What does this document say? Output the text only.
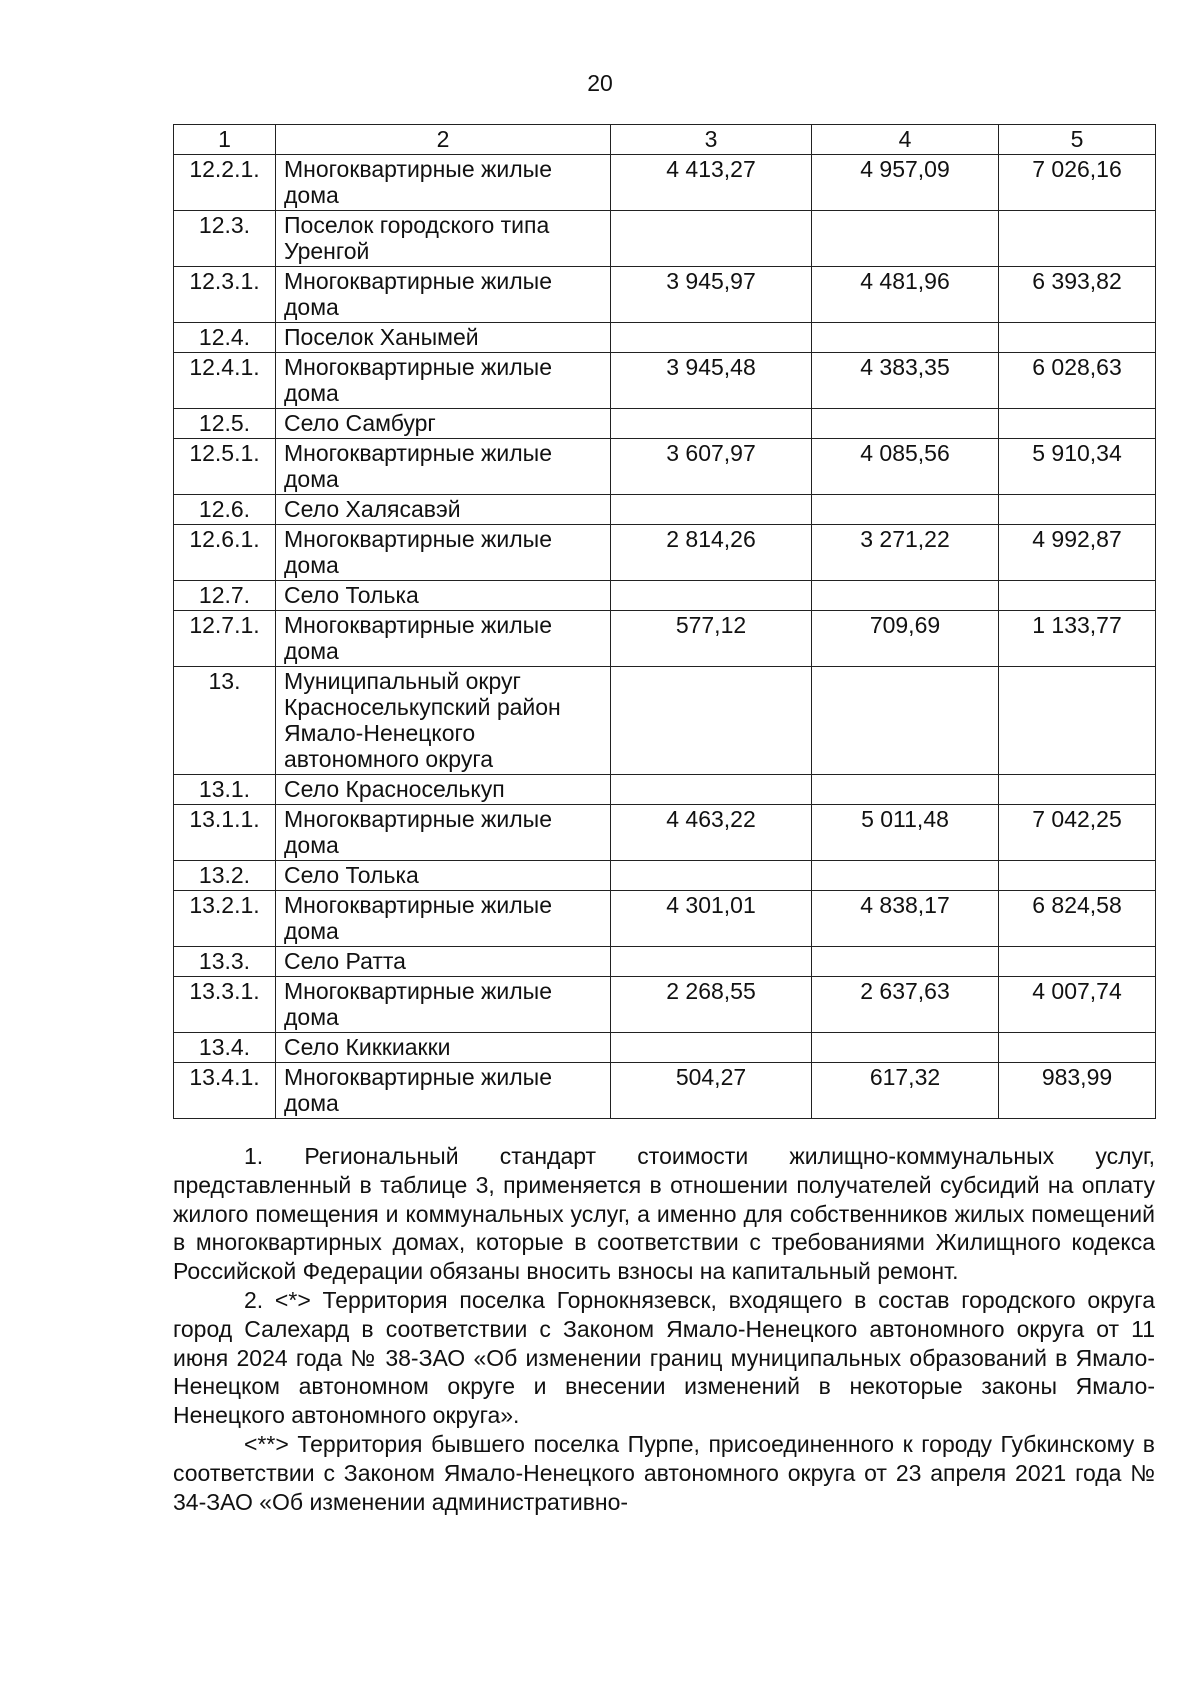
20
1	2	3	4	5
12.2.1.	Многоквартирные жилые дома	4 413,27	4 957,09	7 026,16
12.3.	Поселок городского типа Уренгой			
12.3.1.	Многоквартирные жилые дома	3 945,97	4 481,96	6 393,82
12.4.	Поселок Ханымей			
12.4.1.	Многоквартирные жилые дома	3 945,48	4 383,35	6 028,63
12.5.	Село Самбург			
12.5.1.	Многоквартирные жилые дома	3 607,97	4 085,56	5 910,34
12.6.	Село Халясавэй			
12.6.1.	Многоквартирные жилые дома	2 814,26	3 271,22	4 992,87
12.7.	Село Толька			
12.7.1.	Многоквартирные жилые дома	577,12	709,69	1 133,77
13.	Муниципальный округ Красноселькупский район Ямало-Ненецкого автономного округа			
13.1.	Село Красноселькуп			
13.1.1.	Многоквартирные жилые дома	4 463,22	5 011,48	7 042,25
13.2.	Село Толька			
13.2.1.	Многоквартирные жилые дома	4 301,01	4 838,17	6 824,58
13.3.	Село Ратта			
13.3.1.	Многоквартирные жилые дома	2 268,55	2 637,63	4 007,74
13.4.	Село Киккиакки			
13.4.1.	Многоквартирные жилые дома	504,27	617,32	983,99

1. Региональный стандарт стоимости жилищно-коммунальных услуг, представленный в таблице 3, применяется в отношении получателей субсидий на оплату жилого помещения и коммунальных услуг, а именно для собственников жилых помещений в многоквартирных домах, которые в соответствии с требованиями Жилищного кодекса Российской Федерации обязаны вносить взносы на капитальный ремонт.

2. <*> Территория поселка Горнокнязевск, входящего в состав городского округа город Салехард в соответствии с Законом Ямало-Ненецкого автономного округа от 11 июня 2024 года № 38-ЗАО «Об изменении границ муниципальных образований в Ямало-Ненецком автономном округе и внесении изменений в некоторые законы Ямало-Ненецкого автономного округа».

<**> Территория бывшего поселка Пурпе, присоединенного к городу Губкинскому в соответствии с Законом Ямало-Ненецкого автономного округа от 23 апреля 2021 года № 34-ЗАО «Об изменении административно-
